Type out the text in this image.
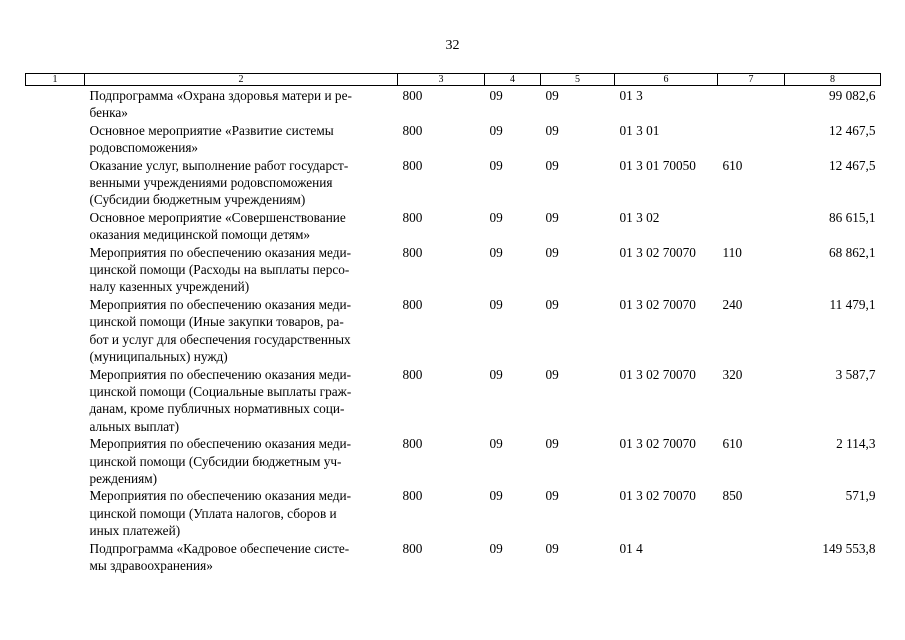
32
1	2	3	4	5	6	7	8
	Подпрограмма «Охрана здоровья матери и ре-
бенка»	800	09	09	01 3		99 082,6
	Основное мероприятие «Развитие системы
родовспоможения»	800	09	09	01 3 01		12 467,5
	Оказание услуг, выполнение работ государст-
венными учреждениями родовспоможения
(Субсидии бюджетным учреждениям)	800	09	09	01 3 01 70050	610	12 467,5
	Основное мероприятие «Совершенствование
оказания медицинской помощи детям»	800	09	09	01 3 02		86 615,1
	Мероприятия по обеспечению оказания меди-
цинской помощи (Расходы на выплаты персо-
налу казенных учреждений)	800	09	09	01 3 02 70070	110	68 862,1
	Мероприятия по обеспечению оказания меди-
цинской помощи (Иные закупки товаров, ра-
бот и услуг для обеспечения государственных
(муниципальных) нужд)	800	09	09	01 3 02 70070	240	11 479,1
	Мероприятия по обеспечению оказания меди-
цинской помощи (Социальные выплаты граж-
данам, кроме публичных нормативных соци-
альных выплат)	800	09	09	01 3 02 70070	320	3 587,7
	Мероприятия по обеспечению оказания меди-
цинской помощи (Субсидии бюджетным уч-
реждениям)	800	09	09	01 3 02 70070	610	2 114,3
	Мероприятия по обеспечению оказания меди-
цинской помощи (Уплата налогов, сборов и
иных платежей)	800	09	09	01 3 02 70070	850	571,9
	Подпрограмма «Кадровое обеспечение систе-
мы здравоохранения»	800	09	09	01 4		149 553,8
